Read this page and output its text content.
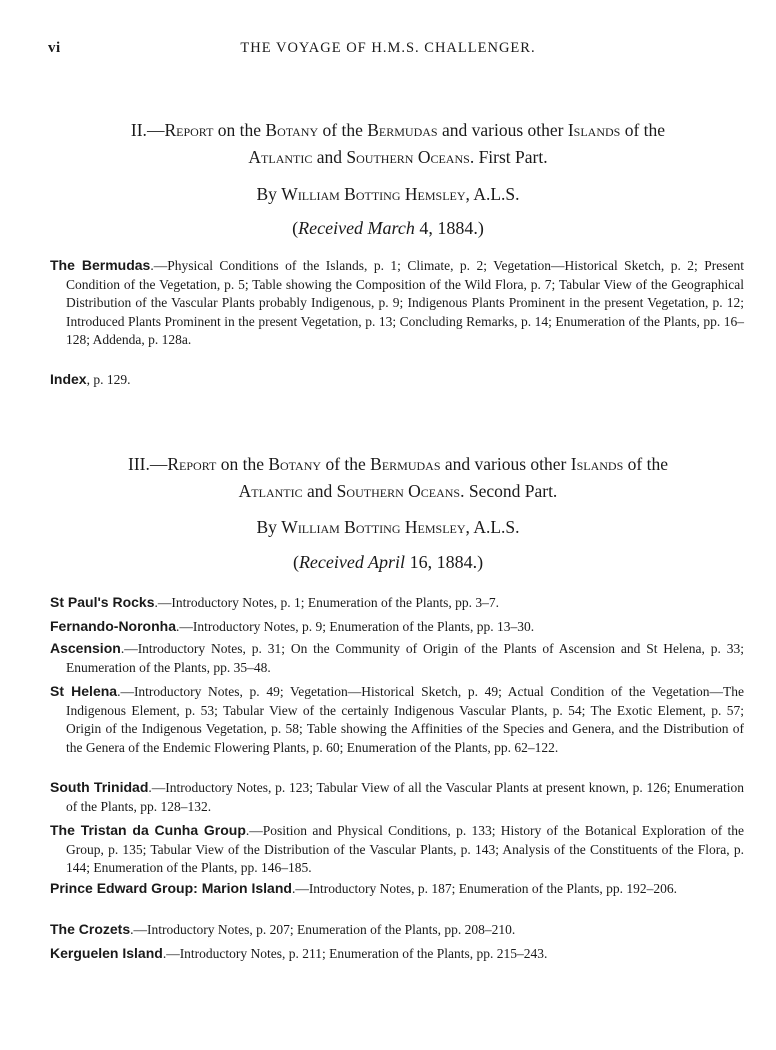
vi	THE VOYAGE OF H.M.S. CHALLENGER.
II.—Report on the Botany of the Bermudas and various other Islands of the
Atlantic and Southern Oceans. First Part.
By William Botting Hemsley, A.L.S.
(Received March 4, 1884.)
The Bermudas.—Physical Conditions of the Islands, p. 1; Climate, p. 2; Vegetation—Historical Sketch, p. 2; Present Condition of the Vegetation, p. 5; Table showing the Composition of the Wild Flora, p. 7; Tabular View of the Geographical Distribution of the Vascular Plants probably Indigenous, p. 9; Indigenous Plants Prominent in the present Vegetation, p. 12; Introduced Plants Prominent in the present Vegetation, p. 13; Concluding Remarks, p. 14; Enumeration of the Plants, pp. 16–128; Addenda, p. 128a.
Index, p. 129.
III.—Report on the Botany of the Bermudas and various other Islands of the
Atlantic and Southern Oceans. Second Part.
By William Botting Hemsley, A.L.S.
(Received April 16, 1884.)
St Paul's Rocks.—Introductory Notes, p. 1; Enumeration of the Plants, pp. 3–7.
Fernando-Noronha.—Introductory Notes, p. 9; Enumeration of the Plants, pp. 13–30.
Ascension.—Introductory Notes, p. 31; On the Community of Origin of the Plants of Ascension and St Helena, p. 33; Enumeration of the Plants, pp. 35–48.
St Helena.—Introductory Notes, p. 49; Vegetation—Historical Sketch, p. 49; Actual Condition of the Vegetation—The Indigenous Element, p. 53; Tabular View of the certainly Indigenous Vascular Plants, p. 54; The Exotic Element, p. 57; Origin of the Indigenous Vegetation, p. 58; Table showing the Affinities of the Species and Genera, and the Distribution of the Genera of the Endemic Flowering Plants, p. 60; Enumeration of the Plants, pp. 62–122.
South Trinidad.—Introductory Notes, p. 123; Tabular View of all the Vascular Plants at present known, p. 126; Enumeration of the Plants, pp. 128–132.
The Tristan da Cunha Group.—Position and Physical Conditions, p. 133; History of the Botanical Exploration of the Group, p. 135; Tabular View of the Distribution of the Vascular Plants, p. 143; Analysis of the Constituents of the Flora, p. 144; Enumeration of the Plants, pp. 146–185.
Prince Edward Group: Marion Island.—Introductory Notes, p. 187; Enumeration of the Plants, pp. 192–206.
The Crozets.—Introductory Notes, p. 207; Enumeration of the Plants, pp. 208–210.
Kerguelen Island.—Introductory Notes, p. 211; Enumeration of the Plants, pp. 215–243.
